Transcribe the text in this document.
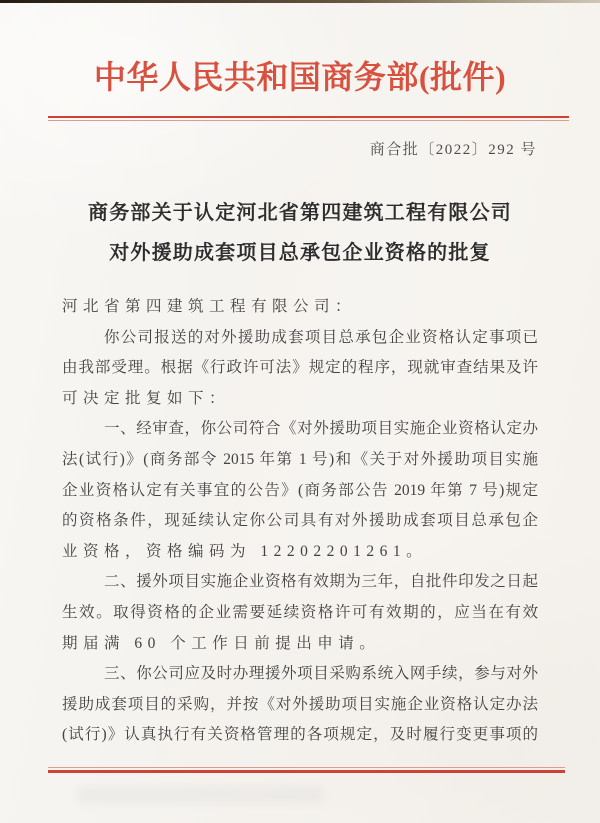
中华人民共和国商务部(批件)
商合批〔2022〕292 号
商务部关于认定河北省第四建筑工程有限公司
对外援助成套项目总承包企业资格的批复
河北省第四建筑工程有限公司：
你公司报送的对外援助成套项目总承包企业资格认定事项已
由我部受理。根据《行政许可法》规定的程序，现就审查结果及许
可决定批复如下：
一、经审查，你公司符合《对外援助项目实施企业资格认定办
法(试行)》(商务部令 2015 年第 1 号)和《关于对外援助项目实施
企业资格认定有关事宜的公告》(商务部公告 2019 年第 7 号)规定
的资格条件，现延续认定你公司具有对外援助成套项目总承包企
业资格，资格编码为 12202201261。
二、援外项目实施企业资格有效期为三年，自批件印发之日起
生效。取得资格的企业需要延续资格许可有效期的，应当在有效
期届满 60 个工作日前提出申请。
三、你公司应及时办理援外项目采购系统入网手续，参与对外
援助成套项目的采购，并按《对外援助项目实施企业资格认定办法
(试行)》认真执行有关资格管理的各项规定，及时履行变更事项的
